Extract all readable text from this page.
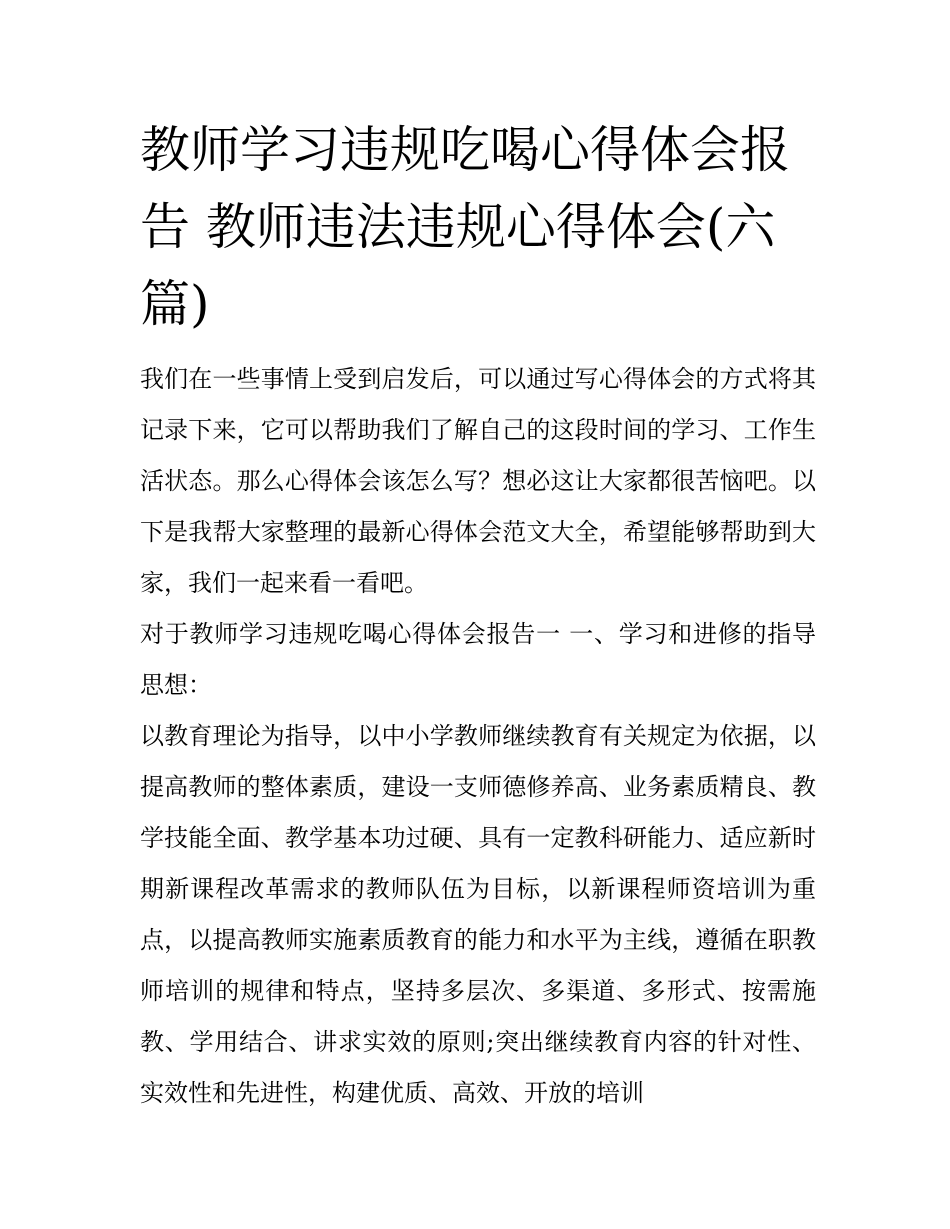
教师学习违规吃喝心得体会报告 教师违法违规心得体会(六篇)

我们在一些事情上受到启发后，可以通过写心得体会的方式将其记录下来，它可以帮助我们了解自己的这段时间的学习、工作生活状态。那么心得体会该怎么写？想必这让大家都很苦恼吧。以下是我帮大家整理的最新心得体会范文大全，希望能够帮助到大家，我们一起来看一看吧。

对于教师学习违规吃喝心得体会报告一 一、学习和进修的指导思想：

以教育理论为指导，以中小学教师继续教育有关规定为依据，以提高教师的整体素质，建设一支师德修养高、业务素质精良、教学技能全面、教学基本功过硬、具有一定教科研能力、适应新时期新课程改革需求的教师队伍为目标，以新课程师资培训为重点，以提高教师实施素质教育的能力和水平为主线，遵循在职教师培训的规律和特点，坚持多层次、多渠道、多形式、按需施教、学用结合、讲求实效的原则;突出继续教育内容的针对性、实效性和先进性，构建优质、高效、开放的培训
